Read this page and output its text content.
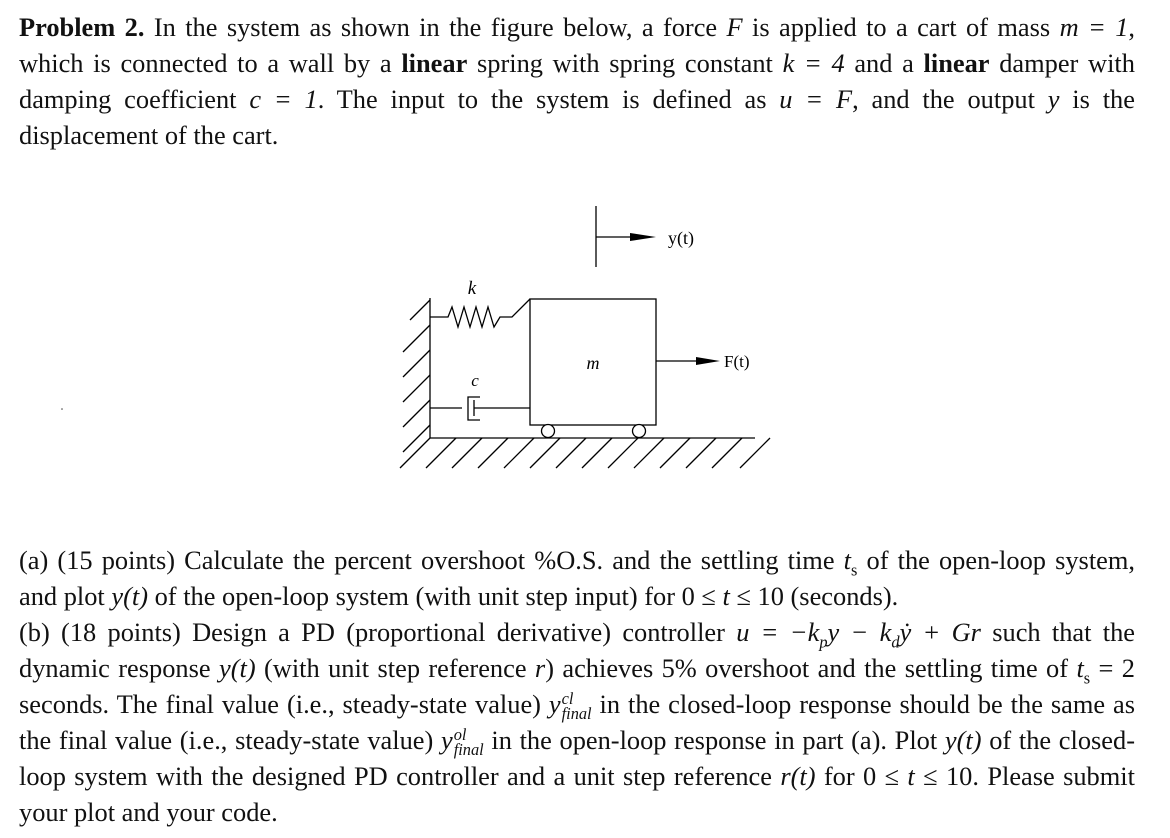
Problem 2. In the system as shown in the figure below, a force F is applied to a cart of mass m = 1, which is connected to a wall by a linear spring with spring constant k = 4 and a linear damper with damping coefficient c = 1. The input to the system is defined as u = F, and the output y is the displacement of the cart.
k
c
m	F(t)
y(t)
(a) (15 points) Calculate the percent overshoot %O.S. and the settling time $t_s$ of the open-loop system, and plot y(t) of the open-loop system (with unit step input) for 0 ≤ t ≤ 10 (seconds).
(b) (18 points) Design a PD (proportional derivative) controller $u = -k_py$ − $k_dẏ + Gr$ such that the dynamic response y(t) (with unit step reference r) achieves 5% overshoot and the settling time of $t_s = 2$ seconds. The final value (i.e., steady-state value) y cl
final in the closed-loop response should be the same as the final value (i.e., steady-state value) y ol
final in the open-loop response in part (a). Plot y(t) of the closed-loop system with the designed PD controller and a unit step reference r(t) for 0 ≤ t ≤ 10. Please submit your plot and your code.
